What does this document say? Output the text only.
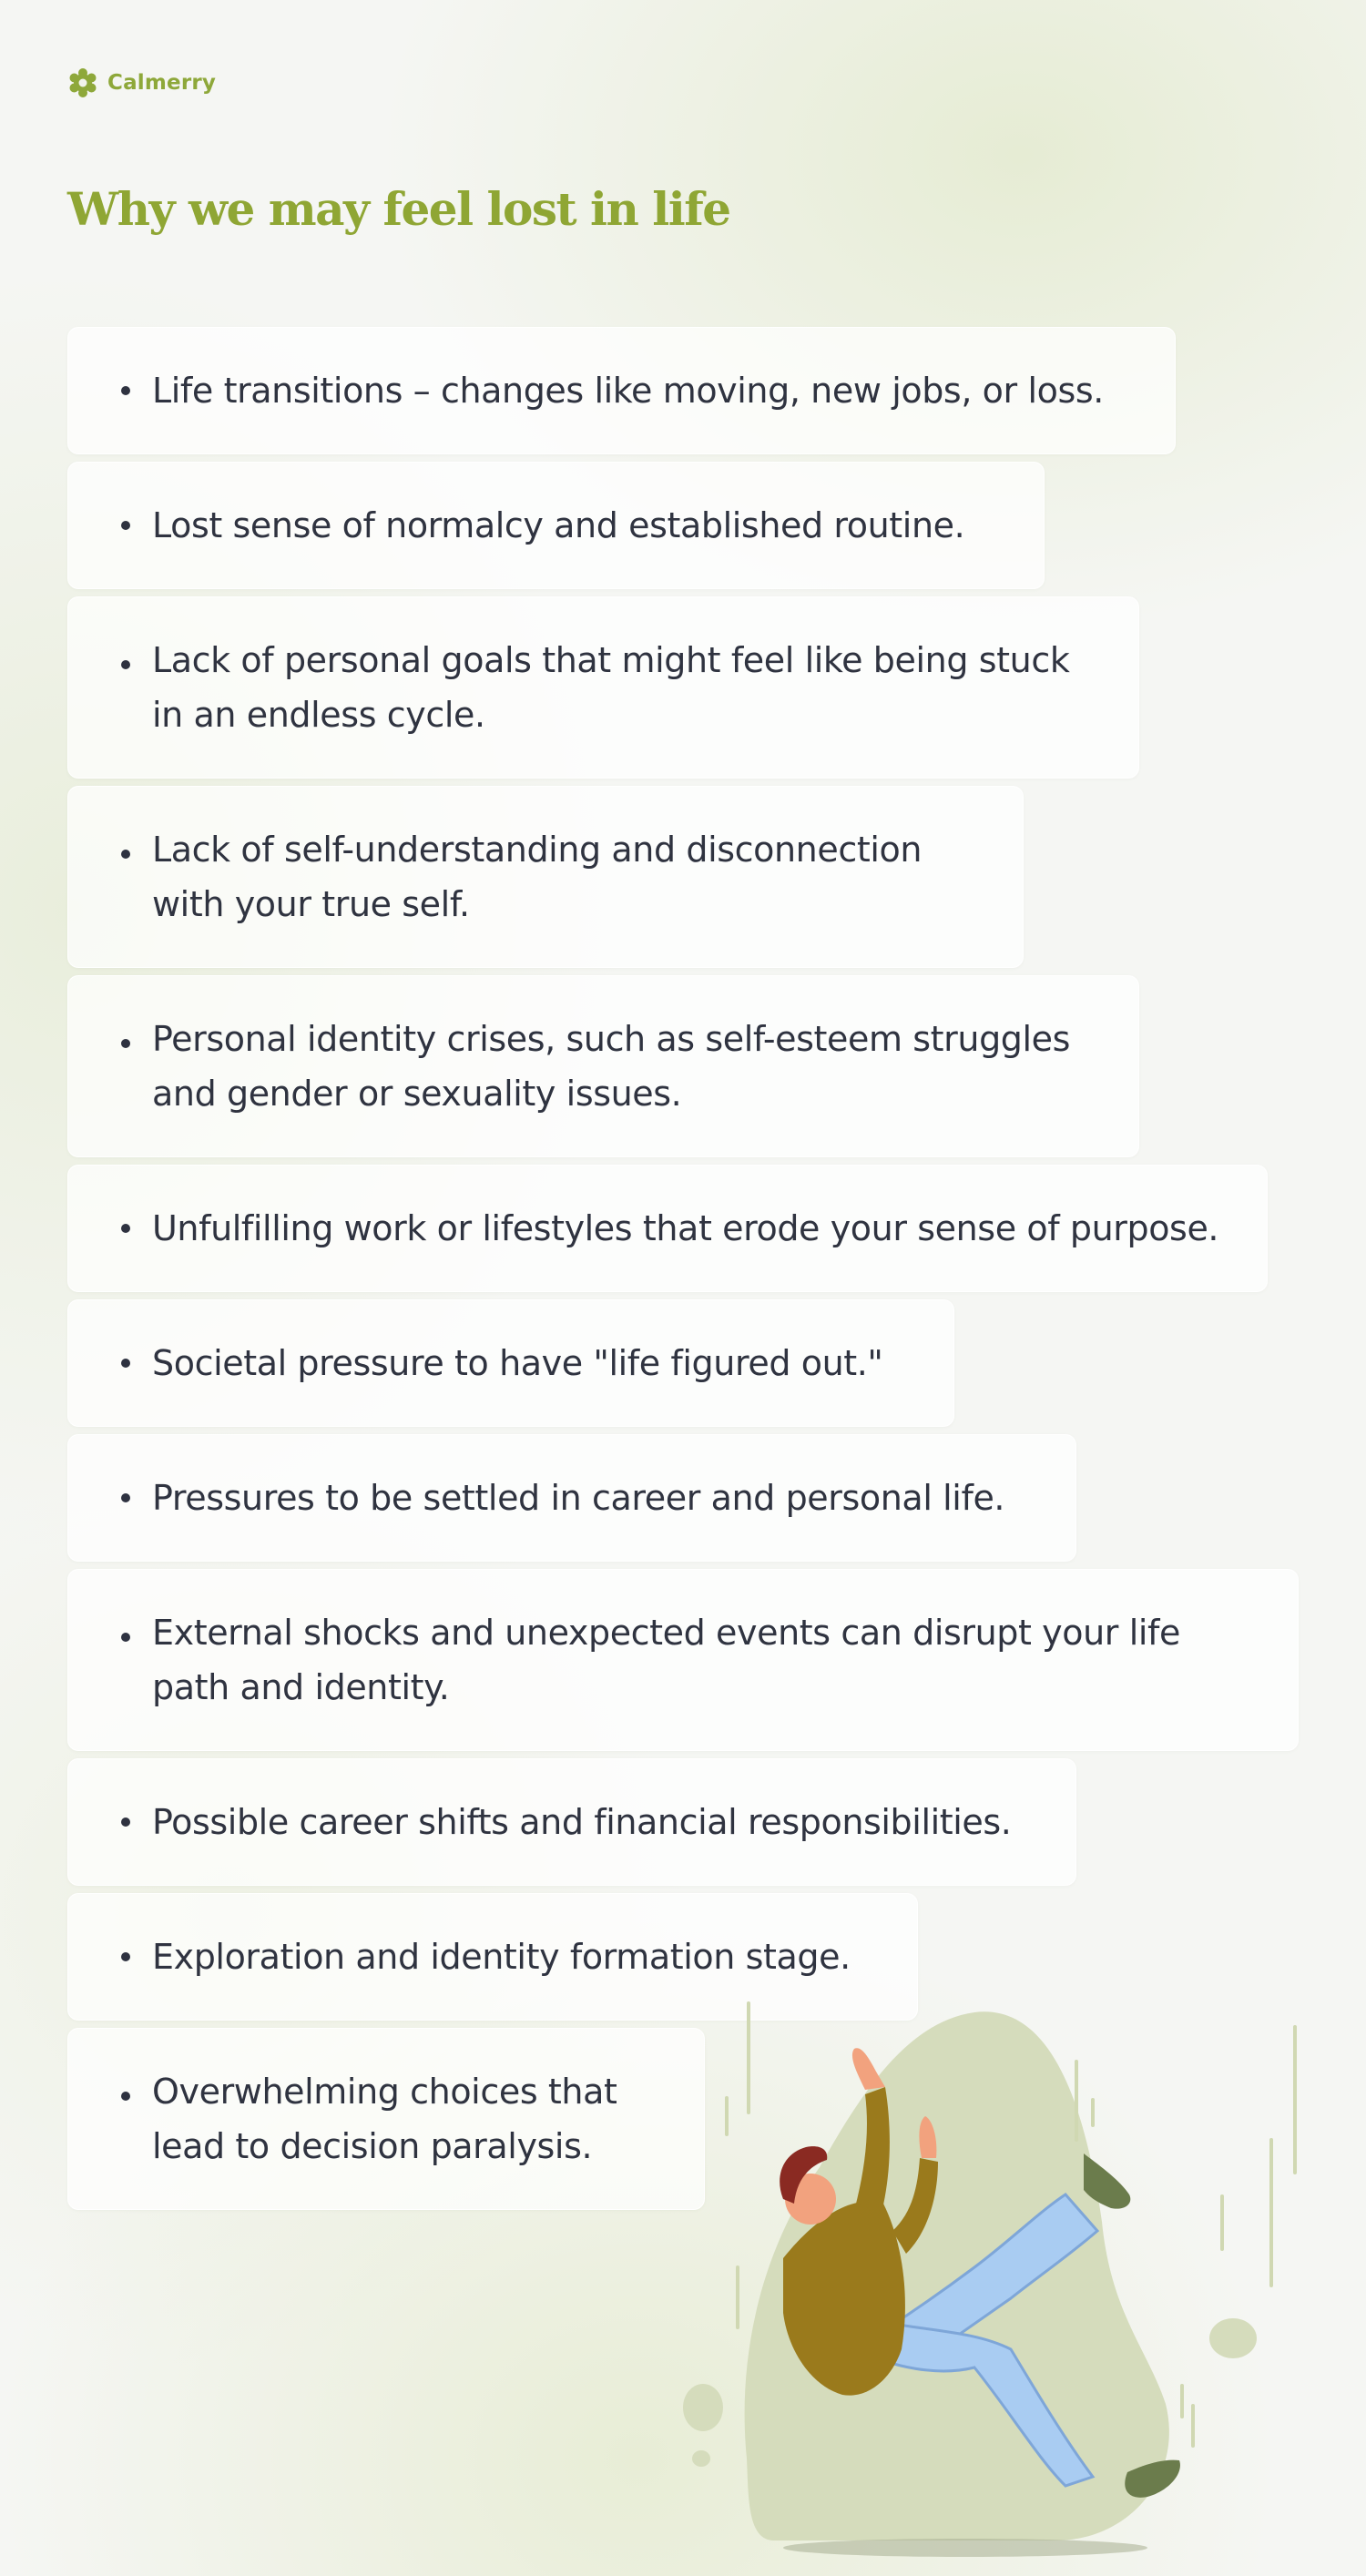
Calmerry
Why we may feel lost in life
Life transitions – changes like moving, new jobs, or loss.
Lost sense of normalcy and established routine.
Lack of personal goals that might feel like being stuck in an endless cycle.
Lack of self-understanding and disconnection with your true self.
Personal identity crises, such as self-esteem struggles and gender or sexuality issues.
Unfulfilling work or lifestyles that erode your sense of purpose.
Societal pressure to have "life figured out."
Pressures to be settled in career and personal life.
External shocks and unexpected events can disrupt your life path and identity.
Possible career shifts and financial responsibilities.
Exploration and identity formation stage.
Overwhelming choices that lead to decision paralysis.
